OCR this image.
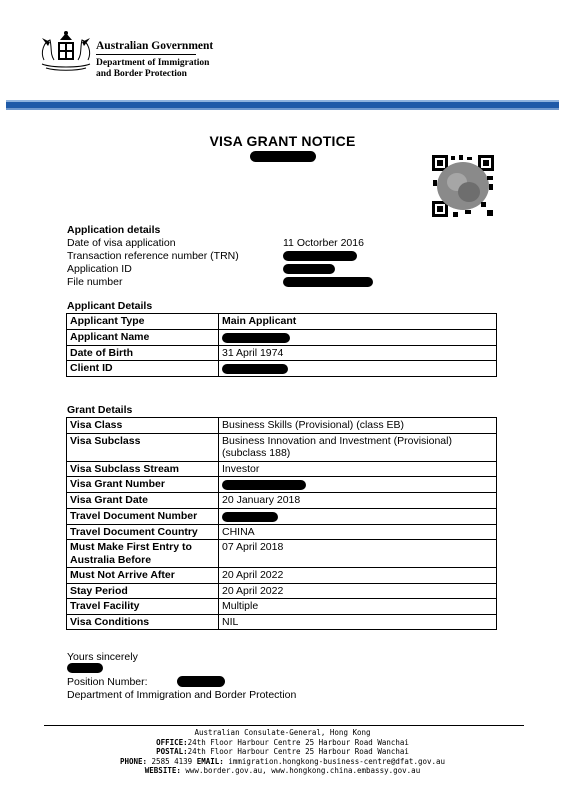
Australian Government
Department of Immigration
and Border Protection
VISA GRANT NOTICE
Application details
Date of visa application	11 Octorber 2016
Transaction reference number (TRN)
Application ID
File number
Applicant Details
Applicant Type	Main Applicant
Applicant Name	

Date of Birth	31 April 1974
Client ID	
Grant Details
Visa Class	Business Skills (Provisional) (class EB)
Visa Subclass	Business Innovation and Investment (Provisional) (subclass 188)
Visa Subclass Stream	Investor
Visa Grant Number	

Visa Grant Date	20 January 2018
Travel Document Number	

Travel Document Country	CHINA
Must Make First Entry to Australia Before	07 April 2018
Must Not Arrive After	20 April 2022
Stay Period	20 April 2022
Travel Facility	Multiple
Visa Conditions	NIL
Yours sincerely
Position Number:
Department of Immigration and Border Protection
Australian Consulate-General, Hong Kong
OFFICE:24th Floor Harbour Centre 25 Harbour Road Wanchai
POSTAL:24th Floor Harbour Centre 25 Harbour Road Wanchai
PHONE: 2585 4139 EMAIL: immigration.hongkong-business-centre@dfat.gov.au
WEBSITE: www.border.gov.au, www.hongkong.china.embassy.gov.au
